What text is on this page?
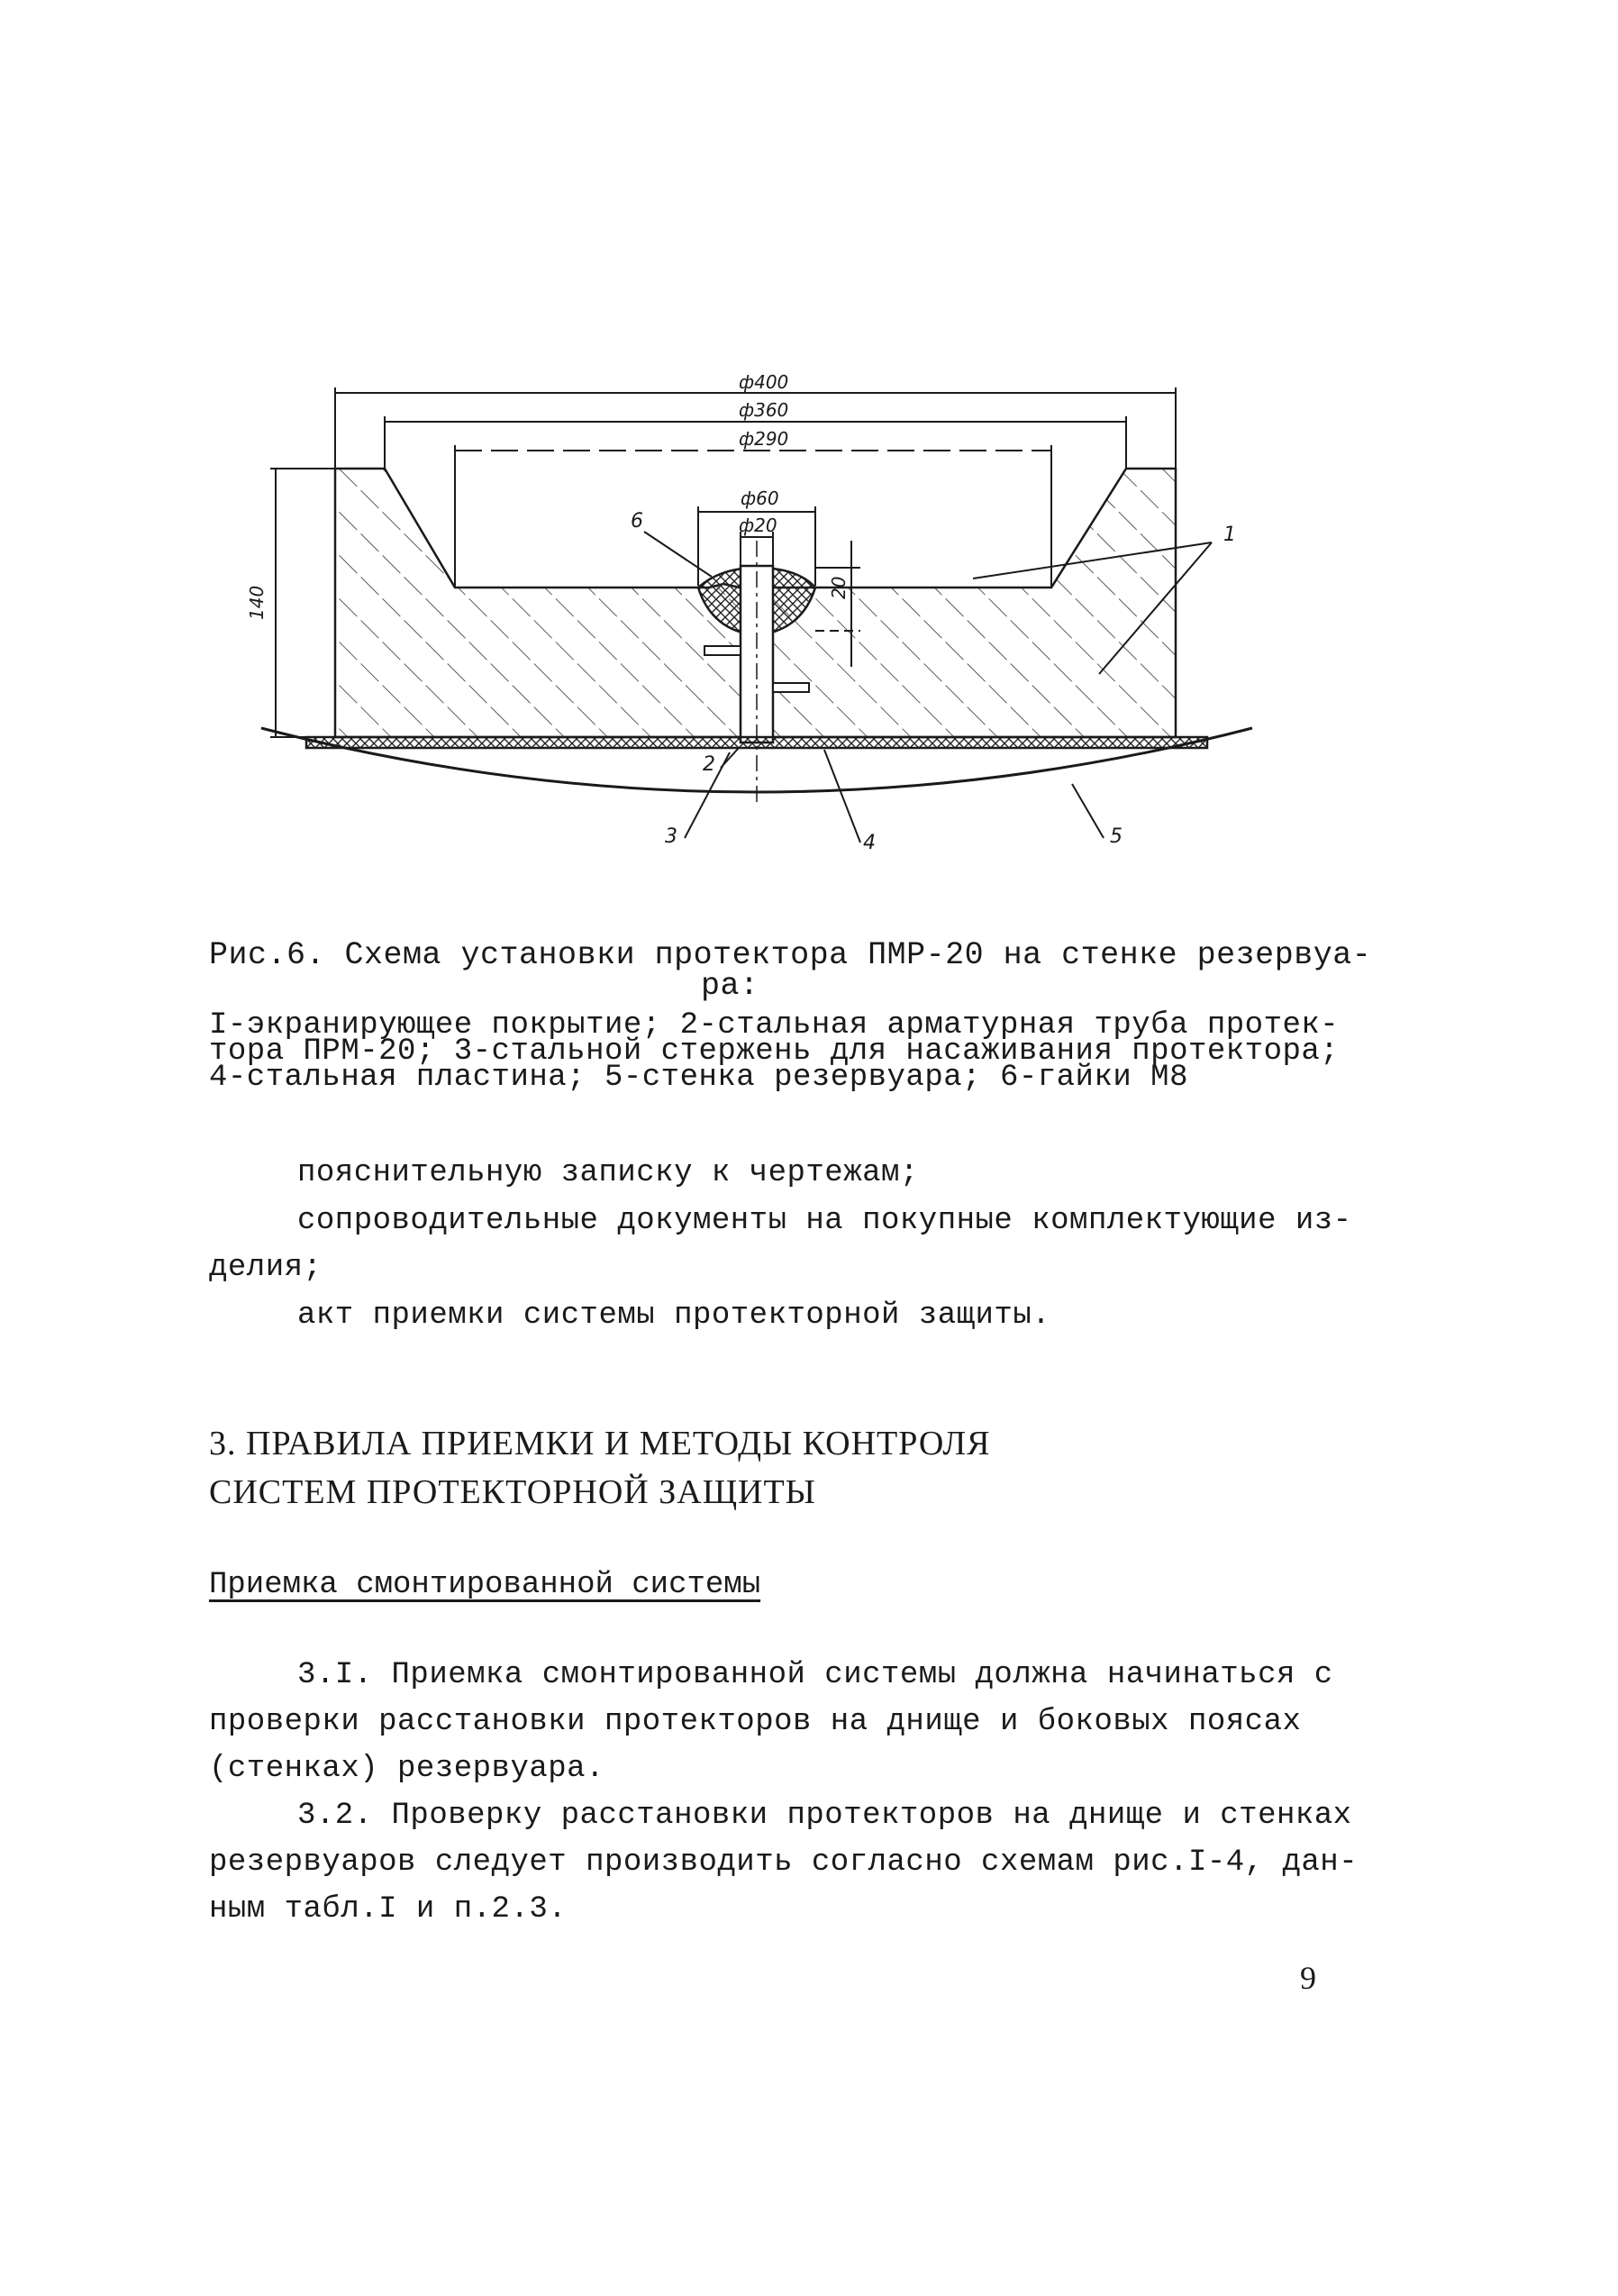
ф400
ф360
ф290
ф60
ф20
140	20
1
2
3	4	5
6
Рис.6. Схема установки протектора ПМР-20 на стенке резервуа-
ра:
I-экранирующее покрытие; 2-стальная арматурная труба протек-
тора ПРМ-20; 3-стальной стержень для насаживания протектора;
4-стальная пластина; 5-стенка резервуара; 6-гайки М8
пояснительную записку к чертежам;
сопроводительные документы на покупные комплектующие из-
делия;
акт приемки системы протекторной защиты.
3. ПРАВИЛА ПРИЕМКИ И МЕТОДЫ КОНТРОЛЯ
СИСТЕМ ПРОТЕКТОРНОЙ ЗАЩИТЫ
Приемка смонтированной системы
3.I. Приемка смонтированной системы должна начинаться с
проверки расстановки протекторов на днище и боковых поясах
(стенках) резервуара.
3.2. Проверку расстановки протекторов на днище и стенках
резервуаров следует производить согласно схемам рис.I-4, дан-
ным табл.I и п.2.3.
9
